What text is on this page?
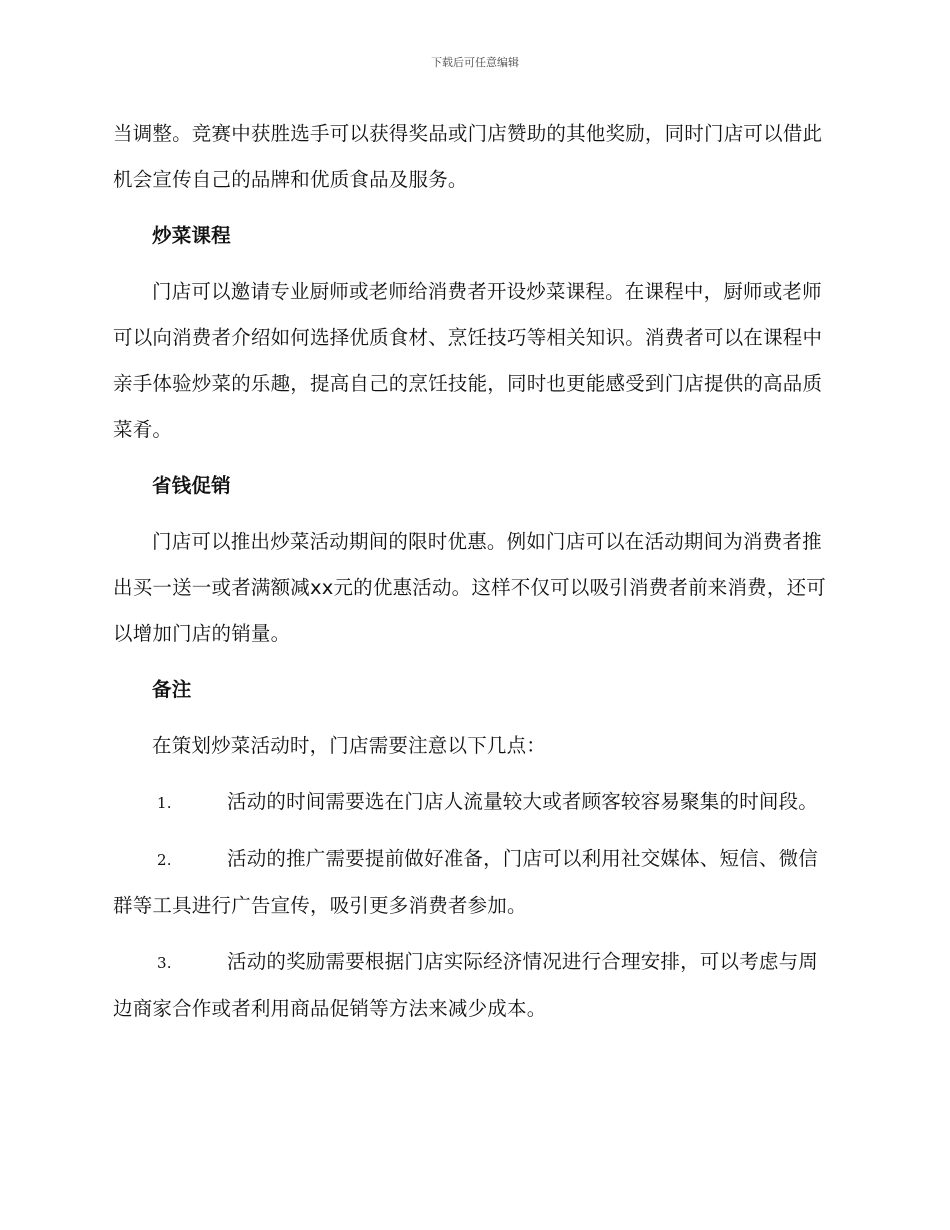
下载后可任意编辑

当调整。竞赛中获胜选手可以获得奖品或门店赞助的其他奖励，同时门店可以借此机会宣传自己的品牌和优质食品及服务。

炒菜课程

门店可以邀请专业厨师或老师给消费者开设炒菜课程。在课程中，厨师或老师可以向消费者介绍如何选择优质食材、烹饪技巧等相关知识。消费者可以在课程中亲手体验炒菜的乐趣，提高自己的烹饪技能，同时也更能感受到门店提供的高品质菜肴。

省钱促销

门店可以推出炒菜活动期间的限时优惠。例如门店可以在活动期间为消费者推出买一送一或者满额减xx元的优惠活动。这样不仅可以吸引消费者前来消费，还可以增加门店的销量。

备注

在策划炒菜活动时，门店需要注意以下几点：

1.	活动的时间需要选在门店人流量较大或者顾客较容易聚集的时间段。

2.	活动的推广需要提前做好准备，门店可以利用社交媒体、短信、微信群等工具进行广告宣传，吸引更多消费者参加。

3.	活动的奖励需要根据门店实际经济情况进行合理安排，可以考虑与周边商家合作或者利用商品促销等方法来减少成本。
